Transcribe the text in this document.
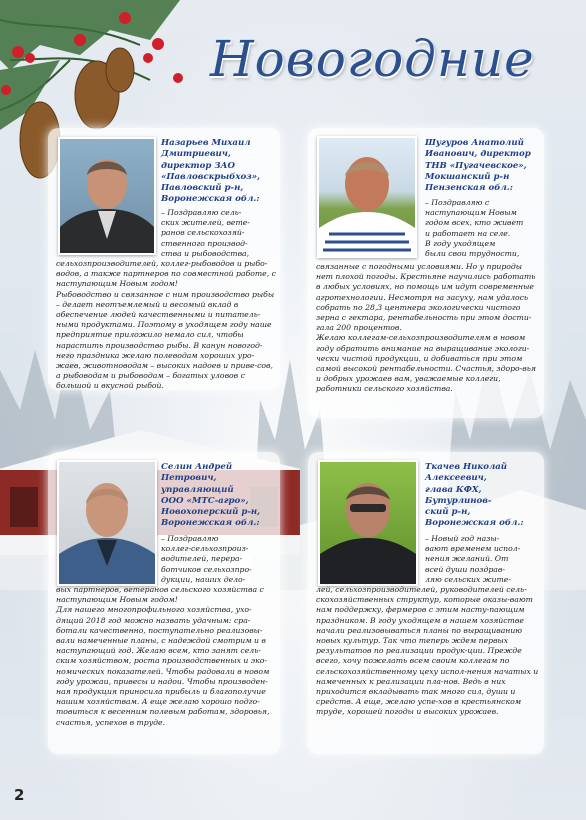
Новогодние
Назарьев Михаил
Дмитриевич,
директор ЗАО
«Павловскрыбхоз»,
Павловский р-н,
Воронежская обл.:
– Поздравляю сель-
ских жителей, вете-
ранов сельскохозяй-
ственного производ-
ства и рыбоводства,
сельхозпроизводителей, коллег-рыбоводов и рыбо-водов, а также партнеров по совместной работе, с наступающим Новым годом!
Рыбоводство и связанное с ним производство рыбы – делает неотъемлемый и весомый вклад в обеспечение людей качественными и питатель-ными продуктами. Поэтому в уходящем году наше предприятие приложило немало сил, чтобы нарастить производство рыбы. В канун новогод-него праздника желаю полеводам хороших уро-жаев, животноводам – высоких надоев и приве-сов, а рыбоводам и рыбоводам – богатых уловов с большой и вкусной рыбой.
Шугуров Анатолий
Иванович, директор
ТНВ «Пугачевское»,
Мокшанский р-н
Пензенская обл.:
– Поздравляю с
наступающим Новым
годом всех, кто живет
и работает на селе.
В году уходящем
были свои трудности,
связанные с погодными условиями. Но у природы нет плохой погоды. Крестьяне научились работать в любых условиях, но помощь им идут современные агротехнологии. Несмотря на засуху, нам удалось собрать по 28,3 центнера экологически чистого зерна с гектара, рентабельность при этом дости-гала 200 процентов.
Желаю коллегам-сельхозпроизводителям в новом году обратить внимание на выращивание экологи-чески чистой продукции, и добиваться при этом самой высокой рентабельности. Счастья, здоро-вья и добрых урожаев вам, уважаемые коллеги, работники сельского хозяйства.
Селин Андрей
Петрович,
управляющий
ООО «МТС-агро»,
Новохоперский р-н,
Воронежская обл.:
– Поздравляю
коллег-сельхозпроиз-
водителей, перера-
ботчиков сельхозпро-
дукции, наших дело-
вых партнеров, ветеранов сельского хозяйства с наступающим Новым годом!
Для нашего многопрофильного хозяйства, ухо-дящий 2018 год можно назвать удачным: сра-ботали качественно, поступательно реализовы-вали намеченные планы, с надеждой смотрим и в наступающий год. Желаю всем, кто занят сель-ским хозяйством, роста производственных и эко-номических показателей. Чтобы радовали в новом году урожаи, привесы и надои. Чтобы производен-ная продукция приносила прибыль и благополучие нашим хозяйствам. А еще желаю хорошо подго-товиться к весенним полевым работам, здоровья, счастья, успехов в труде.
Ткачев Николай
Алексеевич,
глава КФХ,
Бутурлинов-
ский р-н,
Воронежская обл.:
– Новый год назы-
вают временем испол-
нения желаний. От
всей души поздрав-
ляю сельских жите-
лей, сельхозпроизводителей, руководителей сель-скохозяйственных структур, которые оказы-вают нам поддержку, фермеров с этим насту-пающим праздником. В году уходящем в нашем хозяйстве начали реализовываться планы по выращиванию новых культур. Так что теперь ждем первых результатов по реализации продук-ции. Прежде всего, хочу пожелать всем своим коллегам по сельскохозяйственному цеху испол-нения начатых и намеченных к реализации пла-нов. Ведь в них приходится вкладывать так много сил, души и средств. А еще, желаю успе-хов в крестьянском труде, хорошей погоды и высоких урожаев.
2
